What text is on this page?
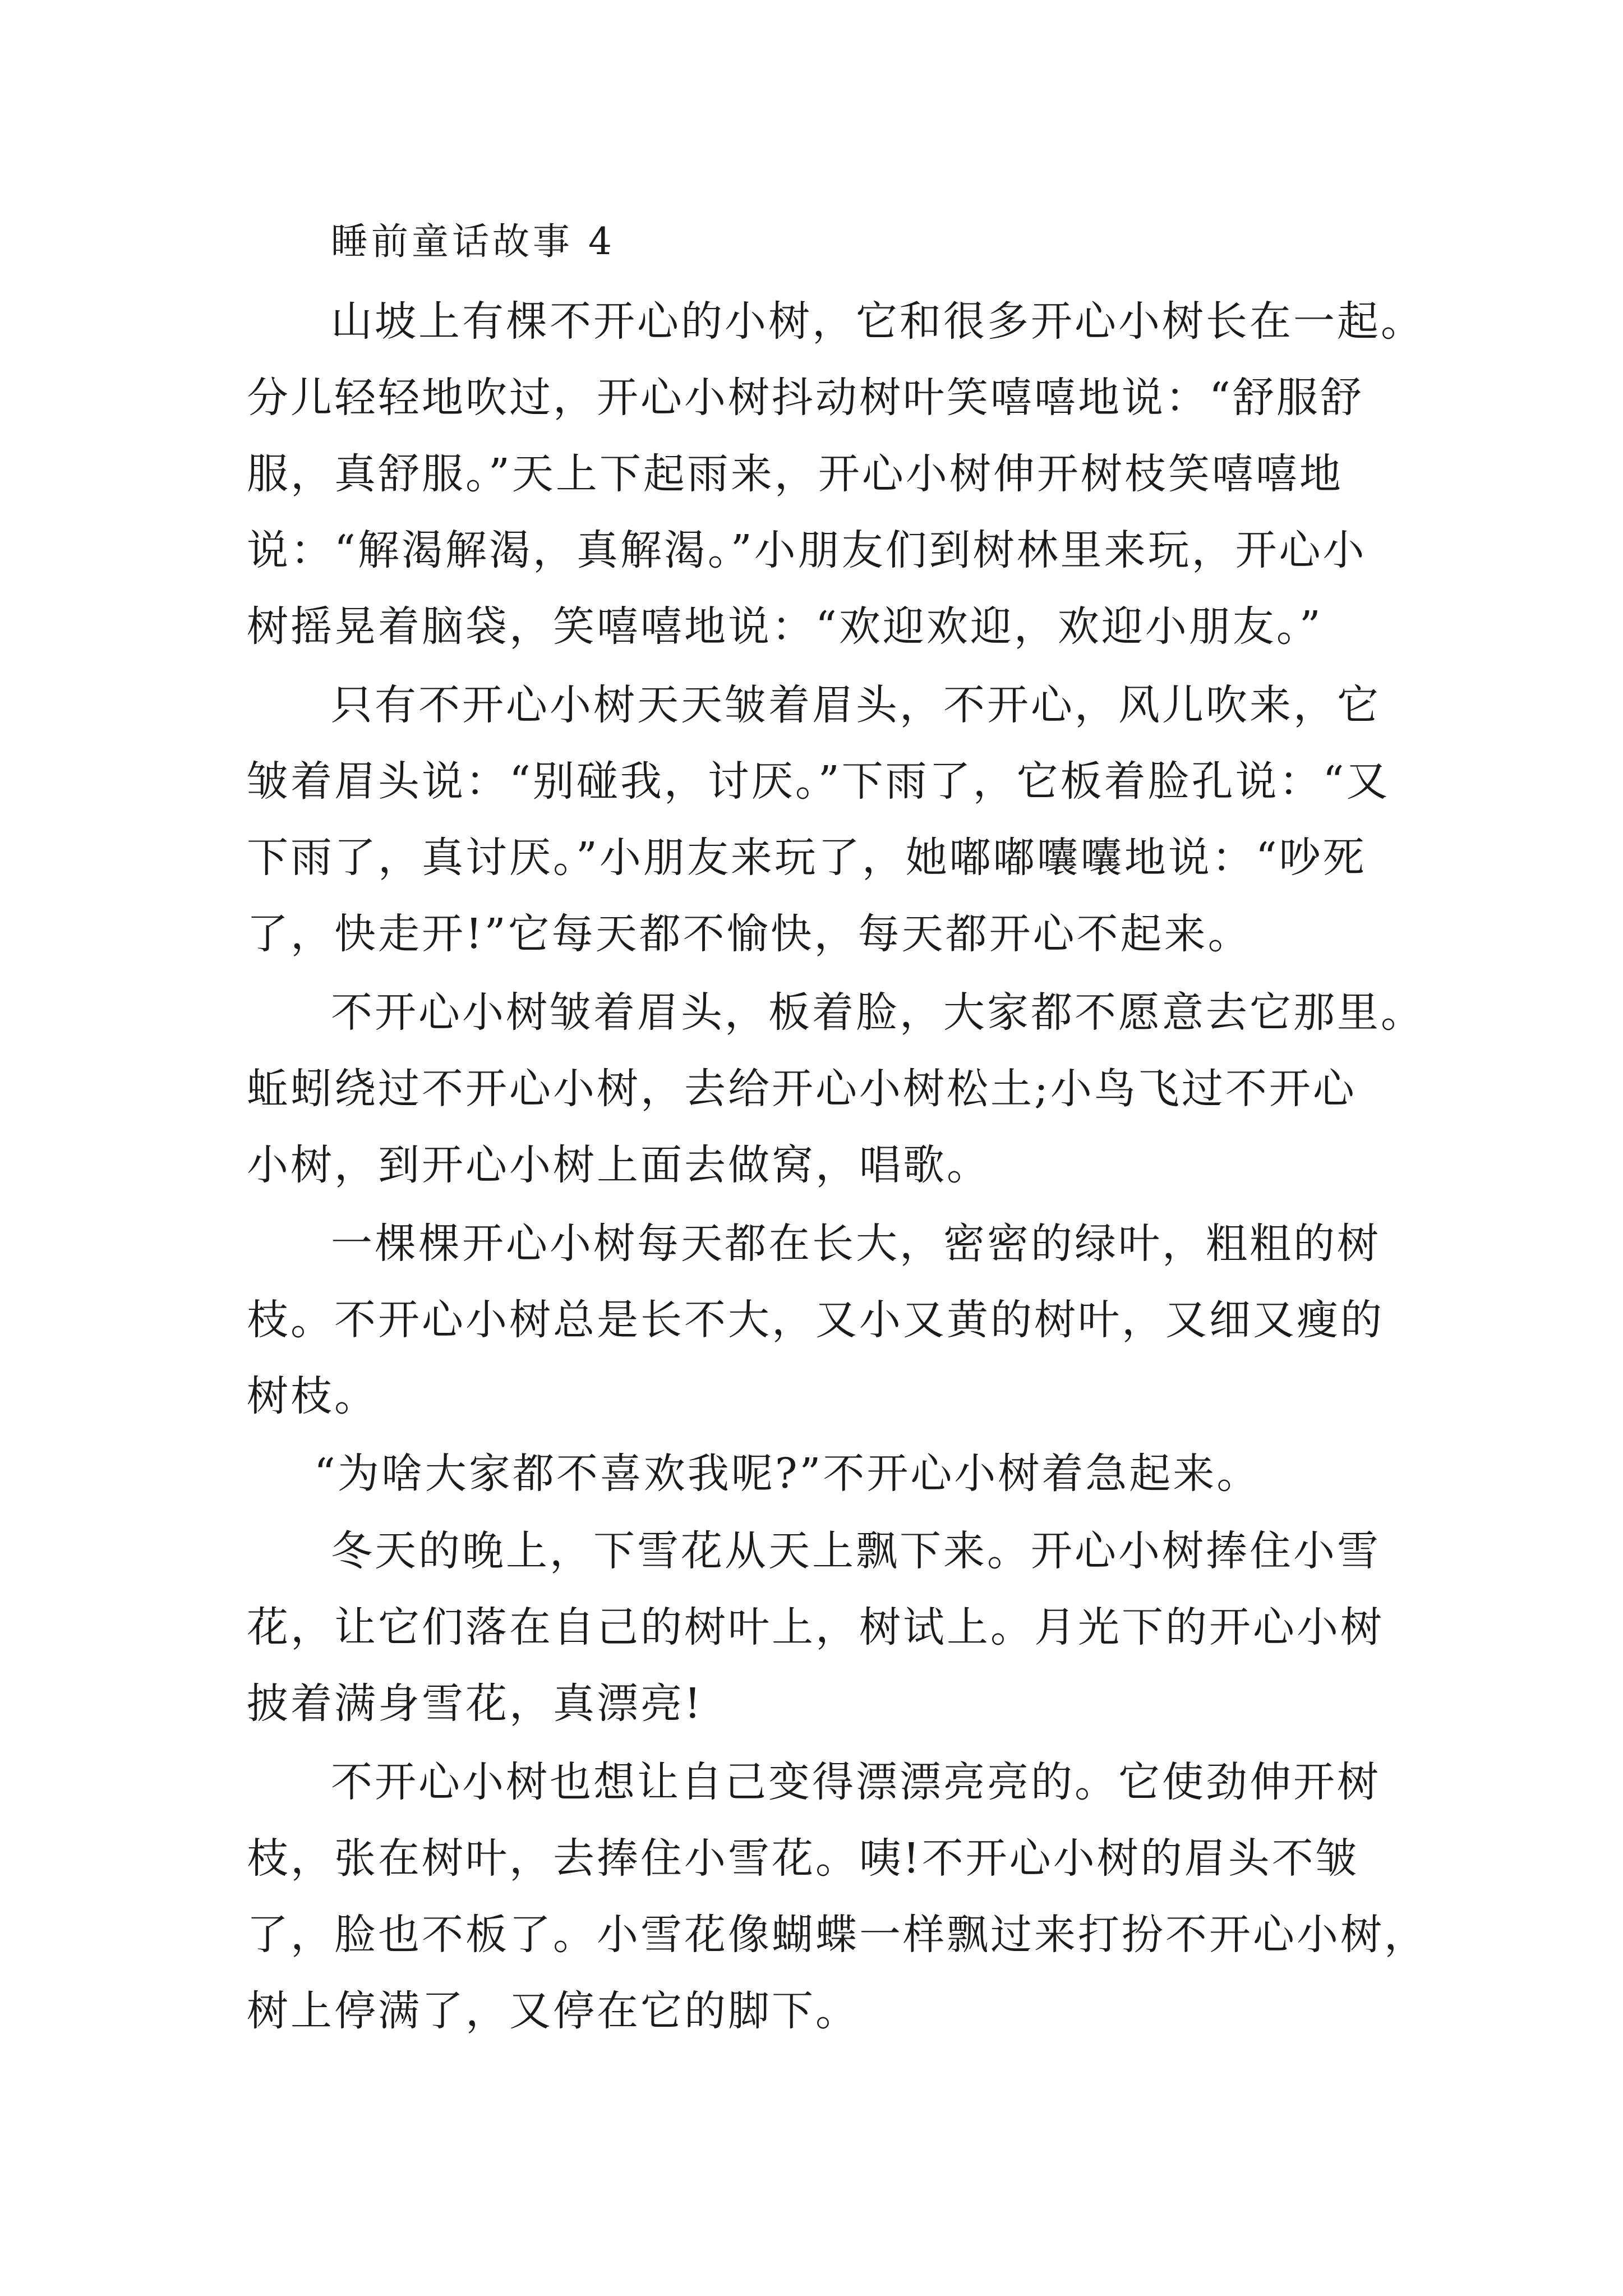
睡前童话故事 4
山坡上有棵不开心的小树，它和很多开心小树长在一起。
分儿轻轻地吹过，开心小树抖动树叶笑嘻嘻地说：“舒服舒
服，真舒服。”天上下起雨来，开心小树伸开树枝笑嘻嘻地
说：“解渴解渴，真解渴。”小朋友们到树林里来玩，开心小
树摇晃着脑袋，笑嘻嘻地说：“欢迎欢迎，欢迎小朋友。”
只有不开心小树天天皱着眉头，不开心，风儿吹来，它
皱着眉头说：“别碰我，讨厌。”下雨了，它板着脸孔说：“又
下雨了，真讨厌。”小朋友来玩了，她嘟嘟囔囔地说：“吵死
了，快走开!”它每天都不愉快，每天都开心不起来。
不开心小树皱着眉头，板着脸，大家都不愿意去它那里。
蚯蚓绕过不开心小树，去给开心小树松土;小鸟飞过不开心
小树，到开心小树上面去做窝，唱歌。
一棵棵开心小树每天都在长大，密密的绿叶，粗粗的树
枝。不开心小树总是长不大，又小又黄的树叶，又细又瘦的
树枝。
“为啥大家都不喜欢我呢?”不开心小树着急起来。
冬天的晚上，下雪花从天上飘下来。开心小树捧住小雪
花，让它们落在自己的树叶上，树试上。月光下的开心小树
披着满身雪花，真漂亮!
不开心小树也想让自己变得漂漂亮亮的。它使劲伸开树
枝，张在树叶，去捧住小雪花。咦!不开心小树的眉头不皱
了，脸也不板了。小雪花像蝴蝶一样飘过来打扮不开心小树，
树上停满了，又停在它的脚下。
